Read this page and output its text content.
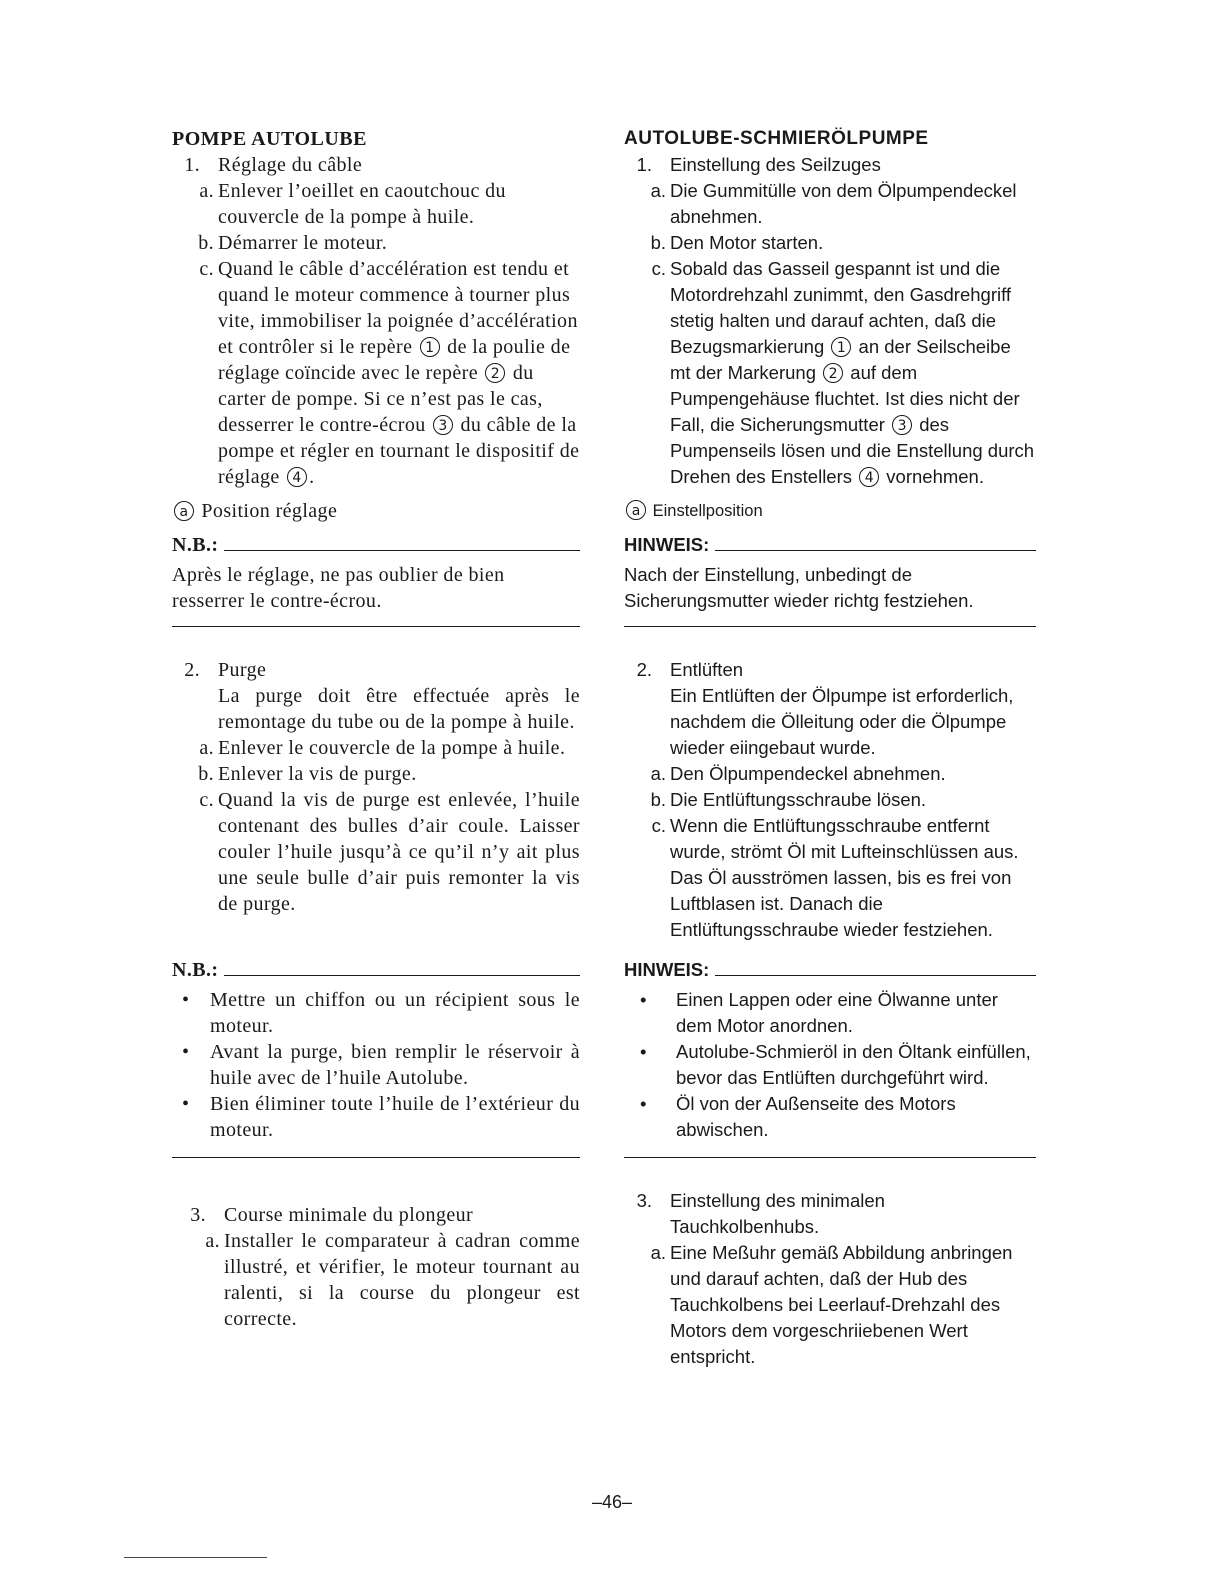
POMPE AUTOLUBE
1. Réglage du câble
a. Enlever l’oeillet en caoutchouc du couvercle de la pompe à huile.
b. Démarrer le moteur.
c. Quand le câble d’accélération est tendu et quand le moteur commence à tourner plus vite, immobiliser la poignée d’accélération et contrôler si le repère 1 de la poulie de réglage coïncide avec le repère 2 du carter de pompe. Si ce n’est pas le cas, desserrer le contre-écrou 3 du câble de la pompe et régler en tournant le dispositif de réglage 4 .
a Position réglage
N.B.:
Après le réglage, ne pas oublier de bien resserrer le contre-écrou.
2. Purge
La purge doit être effectuée après le remontage du tube ou de la pompe à huile.
a. Enlever le couvercle de la pompe à huile.
b. Enlever la vis de purge.
c. Quand la vis de purge est enlevée, l’huile contenant des bulles d’air coule. Laisser couler l’huile jusqu’à ce qu’il n’y ait plus une seule bulle d’air puis remonter la vis de purge.
N.B.:
• Mettre un chiffon ou un récipient sous le moteur.
• Avant la purge, bien remplir le réservoir à huile avec de l’huile Autolube.
• Bien éliminer toute l’huile de l’extérieur du moteur.
3. Course minimale du plongeur
a. Installer le comparateur à cadran comme illustré, et vérifier, le moteur tournant au ralenti, si la course du plongeur est correcte.
AUTOLUBE-SCHMIERÖLPUMPE
1. Einstellung des Seilzuges
a. Die Gummitülle von dem Ölpumpendeckel abnehmen.
b. Den Motor starten.
c. Sobald das Gasseil gespannt ist und die Motordrehzahl zunimmt, den Gasdrehgriff stetig halten und darauf achten, daß die Bezugsmarkierung 1 an der Seilscheibe mt der Markerung 2 auf dem Pumpengehäuse fluchtet. Ist dies nicht der Fall, die Sicherungsmutter 3 des Pumpenseils lösen und die Enstellung durch Drehen des Enstellers 4 vornehmen.
a Einstellposition
HINWEIS:
Nach der Einstellung, unbedingt de Sicherungsmutter wieder richtg festziehen.
2. Entlüften
Ein Entlüften der Ölpumpe ist erforderlich, nachdem die Ölleitung oder die Ölpumpe wieder eiingebaut wurde.
a. Den Ölpumpendeckel abnehmen.
b. Die Entlüftungsschraube lösen.
c. Wenn die Entlüftungsschraube entfernt wurde, strömt Öl mit Lufteinschlüssen aus. Das Öl ausströmen lassen, bis es frei von Luftblasen ist. Danach die Entlüftungsschraube wieder festziehen.
HINWEIS:
• Einen Lappen oder eine Ölwanne unter dem Motor anordnen.
• Autolube-Schmieröl in den Öltank einfüllen, bevor das Entlüften durchgeführt wird.
• Öl von der Außenseite des Motors abwischen.
3. Einstellung des minimalen Tauchkolbenhubs.
a. Eine Meßuhr gemäß Abbildung anbringen und darauf achten, daß der Hub des Tauchkolbens bei Leerlauf-Drehzahl des Motors dem vorgeschriiebenen Wert entspricht.
–46–
